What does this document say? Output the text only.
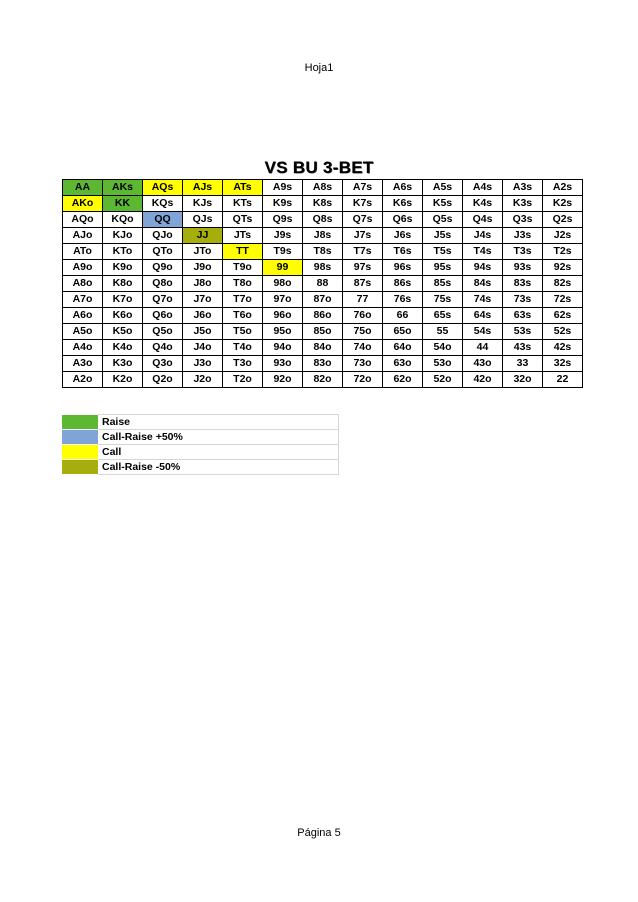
Hoja1
VS BU 3-BET
AA	AKs	AQs	AJs	ATs	A9s	A8s	A7s	A6s	A5s	A4s	A3s	A2s
AKo	KK	KQs	KJs	KTs	K9s	K8s	K7s	K6s	K5s	K4s	K3s	K2s
AQo	KQo	QQ	QJs	QTs	Q9s	Q8s	Q7s	Q6s	Q5s	Q4s	Q3s	Q2s
AJo	KJo	QJo	JJ	JTs	J9s	J8s	J7s	J6s	J5s	J4s	J3s	J2s
ATo	KTo	QTo	JTo	TT	T9s	T8s	T7s	T6s	T5s	T4s	T3s	T2s
A9o	K9o	Q9o	J9o	T9o	99	98s	97s	96s	95s	94s	93s	92s
A8o	K8o	Q8o	J8o	T8o	98o	88	87s	86s	85s	84s	83s	82s
A7o	K7o	Q7o	J7o	T7o	97o	87o	77	76s	75s	74s	73s	72s
A6o	K6o	Q6o	J6o	T6o	96o	86o	76o	66	65s	64s	63s	62s
A5o	K5o	Q5o	J5o	T5o	95o	85o	75o	65o	55	54s	53s	52s
A4o	K4o	Q4o	J4o	T4o	94o	84o	74o	64o	54o	44	43s	42s
A3o	K3o	Q3o	J3o	T3o	93o	83o	73o	63o	53o	43o	33	32s
A2o	K2o	Q2o	J2o	T2o	92o	82o	72o	62o	52o	42o	32o	22
	Raise
	Call-Raise +50%
	Call
	Call-Raise -50%
Página 5
